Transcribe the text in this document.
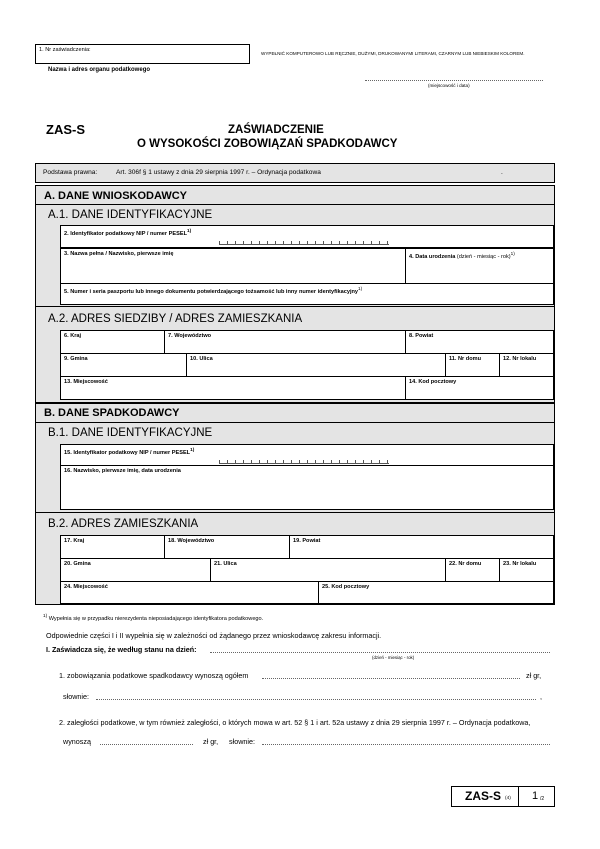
1. Nr zaświadczenia:
WYPEŁNIĆ KOMPUTEROWO LUB RĘCZNIE, DUŻYMI, DRUKOWANYMI LITERAMI, CZARNYM LUB NIEBIESKIM KOLOREM.
Nazwa i adres organu podatkowego
(miejscowość i data)
ZAS-S	ZAŚWIADCZENIE
O WYSOKOŚCI ZOBOWIĄZAŃ SPADKODAWCY
Podstawa prawna:	Art. 306f § 1 ustawy z dnia 29 sierpnia 1997 r. – Ordynacja podatkowa	.
A. DANE WNIOSKODAWCY
A.1. DANE IDENTYFIKACYJNE
2. Identyfikator podatkowy NIP / numer PESEL$^{1)}$
3. Nazwa pełna / Nazwisko, pierwsze imię	4. Data urodzenia (dzień - miesiąc - rok)$^{1)}$
5. Numer i seria paszportu lub innego dokumentu potwierdzającego tożsamość lub inny numer identyfikacyjny$^{1)}$
A.2. ADRES SIEDZIBY / ADRES ZAMIESZKANIA
6. Kraj	7. Województwo	8. Powiat
9. Gmina	10. Ulica	11. Nr domu	12. Nr lokalu
13. Miejscowość	14. Kod pocztowy
B. DANE SPADKODAWCY
B.1. DANE IDENTYFIKACYJNE
15. Identyfikator podatkowy NIP / numer PESEL$^{1)}$
16. Nazwisko, pierwsze imię, data urodzenia
B.2. ADRES ZAMIESZKANIA
17. Kraj	18. Województwo	19. Powiat
20. Gmina	21. Ulica	22. Nr domu	23. Nr lokalu
24. Miejscowość	25. Kod pocztowy
$^{1)}$ Wypełnia się w przypadku nierezydenta nieposiadającego identyfikatora podatkowego.
Odpowiednie części I i II wypełnia się w zależności od żądanego przez wnioskodawcę zakresu informacji.
I. Zaświadcza się, że według stanu na dzień:
(dzień - miesiąc - rok)
1. zobowiązania podatkowe spadkodawcy wynoszą ogółem	zł gr,
słownie:	,
2. zaległości podatkowe, w tym również zaległości, o których mowa w art. 52 § 1 i art. 52a ustawy z dnia 29 sierpnia 1997 r. – Ordynacja podatkowa,
wynoszą	zł gr, słownie:
ZAS-S (4) 1 /2
